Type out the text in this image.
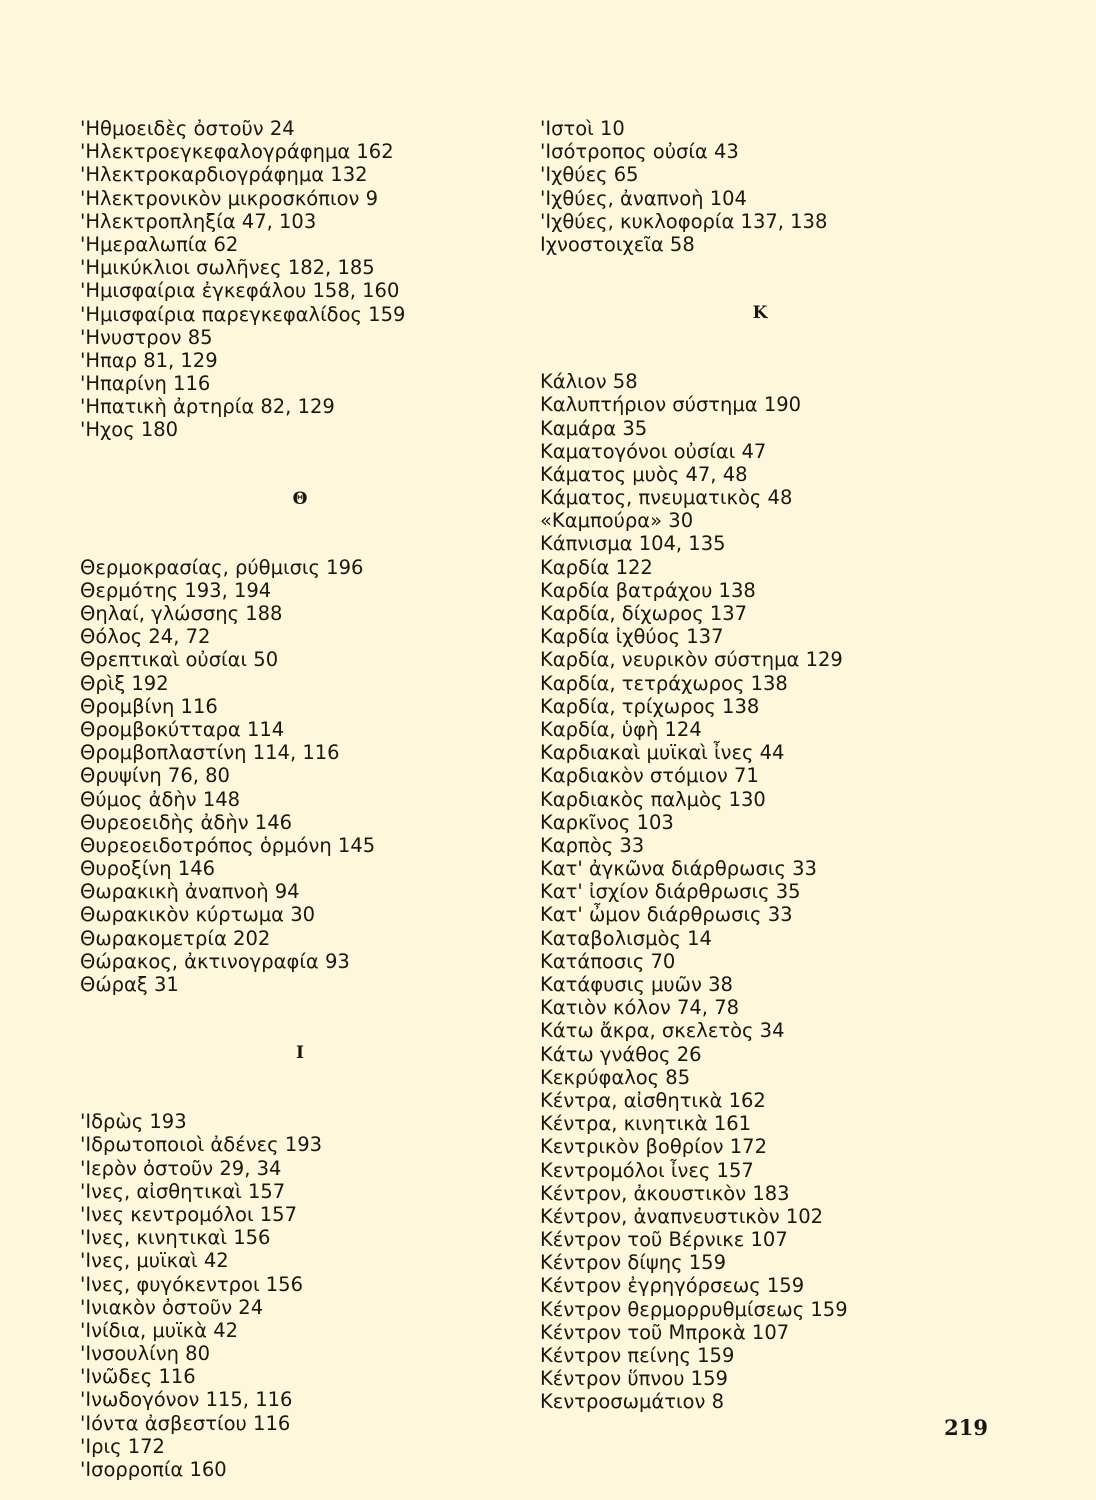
'Ηθμοειδὲς ὀστοῦν 24
'Ηλεκτροεγκεφαλογράφημα 162
'Ηλεκτροκαρδιογράφημα 132
'Ηλεκτρονικὸν μικροσκόπιον 9
'Ηλεκτροπληξία 47, 103
'Ημεραλωπία 62
'Ημικύκλιοι σωλῆνες 182, 185
'Ημισφαίρια ἐγκεφάλου 158, 160
'Ημισφαίρια παρεγκεφαλίδος 159
'Ηνυστρον 85
'Ηπαρ 81, 129
'Ηπαρίνη 116
'Ηπατικὴ ἀρτηρία 82, 129
'Ηχος 180
Θ
Θερμοκρασίας, ρύθμισις 196
Θερμότης 193, 194
Θηλαί, γλώσσης 188
Θόλος 24, 72
Θρεπτικαὶ οὐσίαι 50
Θρὶξ 192
Θρομβίνη 116
Θρομβοκύτταρα 114
Θρομβοπλαστίνη 114, 116
Θρυψίνη 76, 80
Θύμος ἀδὴν 148
Θυρεοειδὴς ἀδὴν 146
Θυρεοειδοτρόπος ὁρμόνη 145
Θυροξίνη 146
Θωρακικὴ ἀναπνοὴ 94
Θωρακικὸν κύρτωμα 30
Θωρακομετρία 202
Θώρακος, ἀκτινογραφία 93
Θώραξ 31
Ι
'Ιδρὼς 193
'Ιδρωτοποιοὶ ἀδένες 193
'Ιερὸν ὀστοῦν 29, 34
'Ινες, αἰσθητικαὶ 157
'Ινες κεντρομόλοι 157
'Ινες, κινητικαὶ 156
'Ινες, μυϊκαὶ 42
'Ινες, φυγόκεντροι 156
'Ινιακὸν ὀστοῦν 24
'Ινίδια, μυϊκὰ 42
'Ινσουλίνη 80
'Ινῶδες 116
'Ινωδογόνον 115, 116
'Ιόντα ἀσβεστίου 116
'Ιρις 172
'Ισορροπία 160
'Ιστοὶ 10
'Ισότροπος οὐσία 43
'Ιχθύες 65
'Ιχθύες, ἀναπνοὴ 104
'Ιχθύες, κυκλοφορία 137, 138
Ιχνοστοιχεῖα 58
Κ
Κάλιον 58
Καλυπτήριον σύστημα 190
Καμάρα 35
Καματογόνοι οὐσίαι 47
Κάματος μυὸς 47, 48
Κάματος, πνευματικὸς 48
«Καμπούρα» 30
Κάπνισμα 104, 135
Καρδία 122
Καρδία βατράχου 138
Καρδία, δίχωρος 137
Καρδία ἰχθύος 137
Καρδία, νευρικὸν σύστημα 129
Καρδία, τετράχωρος 138
Καρδία, τρίχωρος 138
Καρδία, ὑφὴ 124
Καρδιακαὶ μυϊκαὶ ἶνες 44
Καρδιακὸν στόμιον 71
Καρδιακὸς παλμὸς 130
Καρκῖνος 103
Καρπὸς 33
Κατ' ἀγκῶνα διάρθρωσις 33
Κατ' ἰσχίον διάρθρωσις 35
Κατ' ὦμον διάρθρωσις 33
Καταβολισμὸς 14
Κατάποσις 70
Κατάφυσις μυῶν 38
Κατιὸν κόλον 74, 78
Κάτω ἄκρα, σκελετὸς 34
Κάτω γνάθος 26
Κεκρύφαλος 85
Κέντρα, αἰσθητικὰ 162
Κέντρα, κινητικὰ 161
Κεντρικὸν βοθρίον 172
Κεντρομόλοι ἶνες 157
Κέντρον, ἀκουστικὸν 183
Κέντρον, ἀναπνευστικὸν 102
Κέντρον τοῦ Βέρνικε 107
Κέντρον δίψης 159
Κέντρον ἐγρηγόρσεως 159
Κέντρον θερμορρυθμίσεως 159
Κέντρον τοῦ Μπροκὰ 107
Κέντρον πείνης 159
Κέντρον ὕπνου 159
Κεντροσωμάτιον 8
219
